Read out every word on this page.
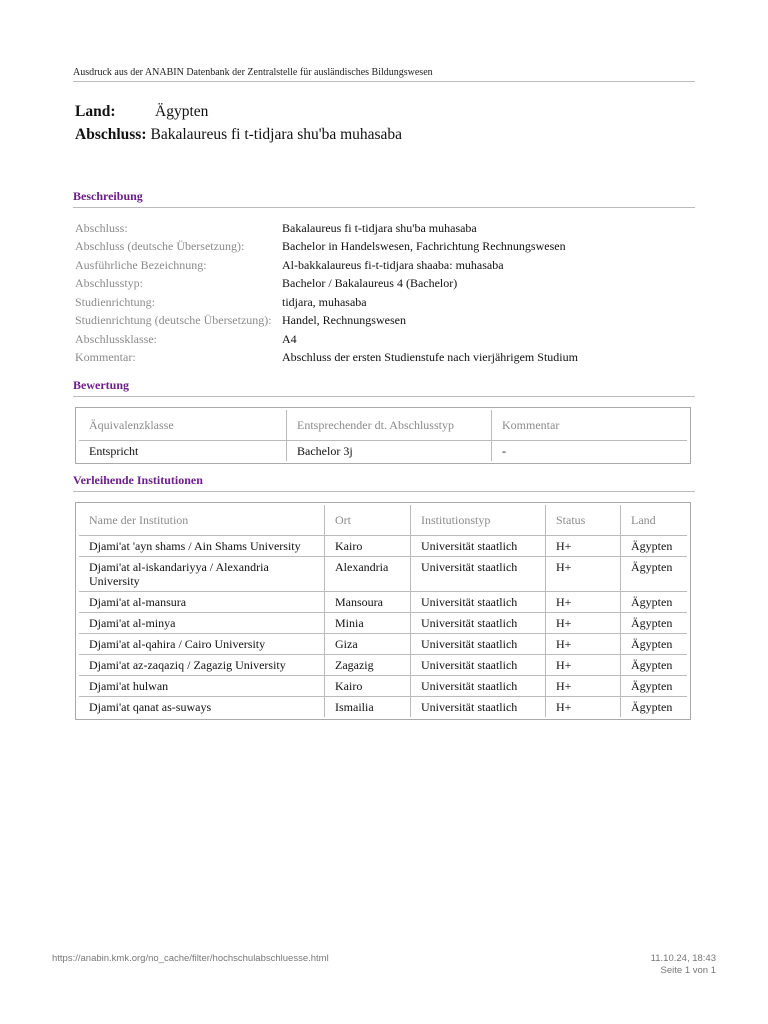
Ausdruck aus der ANABIN Datenbank der Zentralstelle für ausländisches Bildungswesen
Land:	Ägypten
Abschluss: Bakalaureus fi t-tidjara shu'ba muhasaba
Beschreibung
Abschluss:	Bakalaureus fi t-tidjara shu'ba muhasaba
Abschluss (deutsche Übersetzung):	Bachelor in Handelswesen, Fachrichtung Rechnungswesen
Ausführliche Bezeichnung:	Al-bakkalaureus fi-t-tidjara shaaba: muhasaba
Abschlusstyp:	Bachelor / Bakalaureus 4 (Bachelor)
Studienrichtung:	tidjara, muhasaba
Studienrichtung (deutsche Übersetzung): Handel, Rechnungswesen
Abschlussklasse:	A4
Kommentar:	Abschluss der ersten Studienstufe nach vierjährigem Studium
Bewertung
Äquivalenzklasse	Entsprechender dt. Abschlusstyp	Kommentar
Entspricht	Bachelor 3j	-
Verleihende Institutionen
Name der Institution	Ort	Institutionstyp	Status	Land
Djami'at 'ayn shams / Ain Shams University	Kairo	Universität staatlich	H+	Ägypten
Djami'at al-iskandariyya / Alexandria University	Alexandria	Universität staatlich	H+	Ägypten
Djami'at al-mansura	Mansoura	Universität staatlich	H+	Ägypten
Djami'at al-minya	Minia	Universität staatlich	H+	Ägypten
Djami'at al-qahira / Cairo University	Giza	Universität staatlich	H+	Ägypten
Djami'at az-zaqaziq / Zagazig University	Zagazig	Universität staatlich	H+	Ägypten
Djami'at hulwan	Kairo	Universität staatlich	H+	Ägypten
Djami'at qanat as-suways	Ismailia	Universität staatlich	H+	Ägypten
https://anabin.kmk.org/no_cache/filter/hochschulabschluesse.html	11.10.24, 18:43
Seite 1 von 1
